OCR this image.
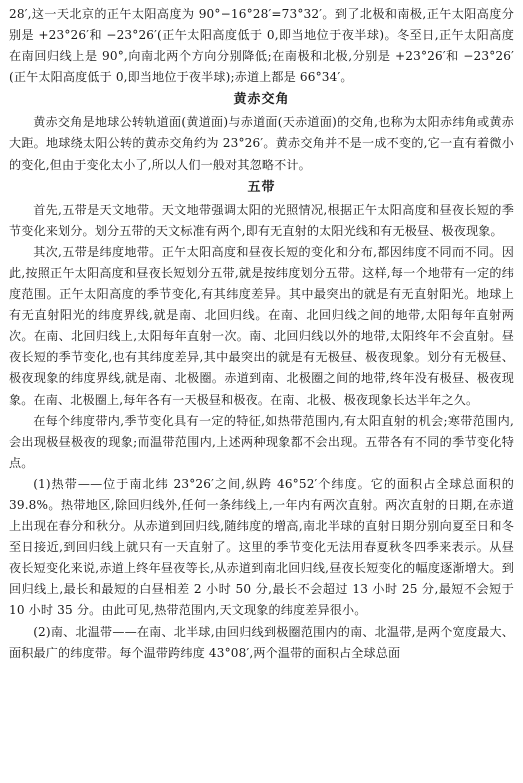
28′,这一天北京的正午太阳高度为 90°−16°28′=73°32′。到了北极和南极,正午太阳高度分别是 +23°26′和 −23°26′(正午太阳高度低于 0,即当地位于夜半球)。冬至日,正午太阳高度在南回归线上是 90°,向南北两个方向分别降低;在南极和北极,分别是 +23°26′和 −23°26′(正午太阳高度低于 0,即当地位于夜半球);赤道上都是 66°34′。

黄赤交角

黄赤交角是地球公转轨道面(黄道面)与赤道面(天赤道面)的交角,也称为太阳赤纬角或黄赤大距。地球绕太阳公转的黄赤交角约为 23°26′。黄赤交角并不是一成不变的,它一直有着微小的变化,但由于变化太小了,所以人们一般对其忽略不计。

五带

首先,五带是天文地带。天文地带强调太阳的光照情况,根据正午太阳高度和昼夜长短的季节变化来划分。划分五带的天文标准有两个,即有无直射的太阳光线和有无极昼、极夜现象。

其次,五带是纬度地带。正午太阳高度和昼夜长短的变化和分布,都因纬度不同而不同。因此,按照正午太阳高度和昼夜长短划分五带,就是按纬度划分五带。这样,每一个地带有一定的纬度范围。正午太阳高度的季节变化,有其纬度差异。其中最突出的就是有无直射阳光。地球上有无直射阳光的纬度界线,就是南、北回归线。在南、北回归线之间的地带,太阳每年直射两次。在南、北回归线上,太阳每年直射一次。南、北回归线以外的地带,太阳终年不会直射。昼夜长短的季节变化,也有其纬度差异,其中最突出的就是有无极昼、极夜现象。划分有无极昼、极夜现象的纬度界线,就是南、北极圈。赤道到南、北极圈之间的地带,终年没有极昼、极夜现象。在南、北极圈上,每年各有一天极昼和极夜。在南、北极、极夜现象长达半年之久。

在每个纬度带内,季节变化具有一定的特征,如热带范围内,有太阳直射的机会;寒带范围内,会出现极昼极夜的现象;而温带范围内,上述两种现象都不会出现。五带各有不同的季节变化特点。

(1)热带——位于南北纬 23°26′之间,纵跨 46°52′个纬度。它的面积占全球总面积的 39.8%。热带地区,除回归线外,任何一条纬线上,一年内有两次直射。两次直射的日期,在赤道上出现在春分和秋分。从赤道到回归线,随纬度的增高,南北半球的直射日期分别向夏至日和冬至日接近,到回归线上就只有一天直射了。这里的季节变化无法用春夏秋冬四季来表示。从昼夜长短变化来说,赤道上终年昼夜等长,从赤道到南北回归线,昼夜长短变化的幅度逐渐增大。到回归线上,最长和最短的白昼相差 2 小时 50 分,最长不会超过 13 小时 25 分,最短不会短于 10 小时 35 分。由此可见,热带范围内,天文现象的纬度差异很小。

(2)南、北温带——在南、北半球,由回归线到极圈范围内的南、北温带,是两个宽度最大、面积最广的纬度带。每个温带跨纬度 43°08′,两个温带的面积占全球总面
